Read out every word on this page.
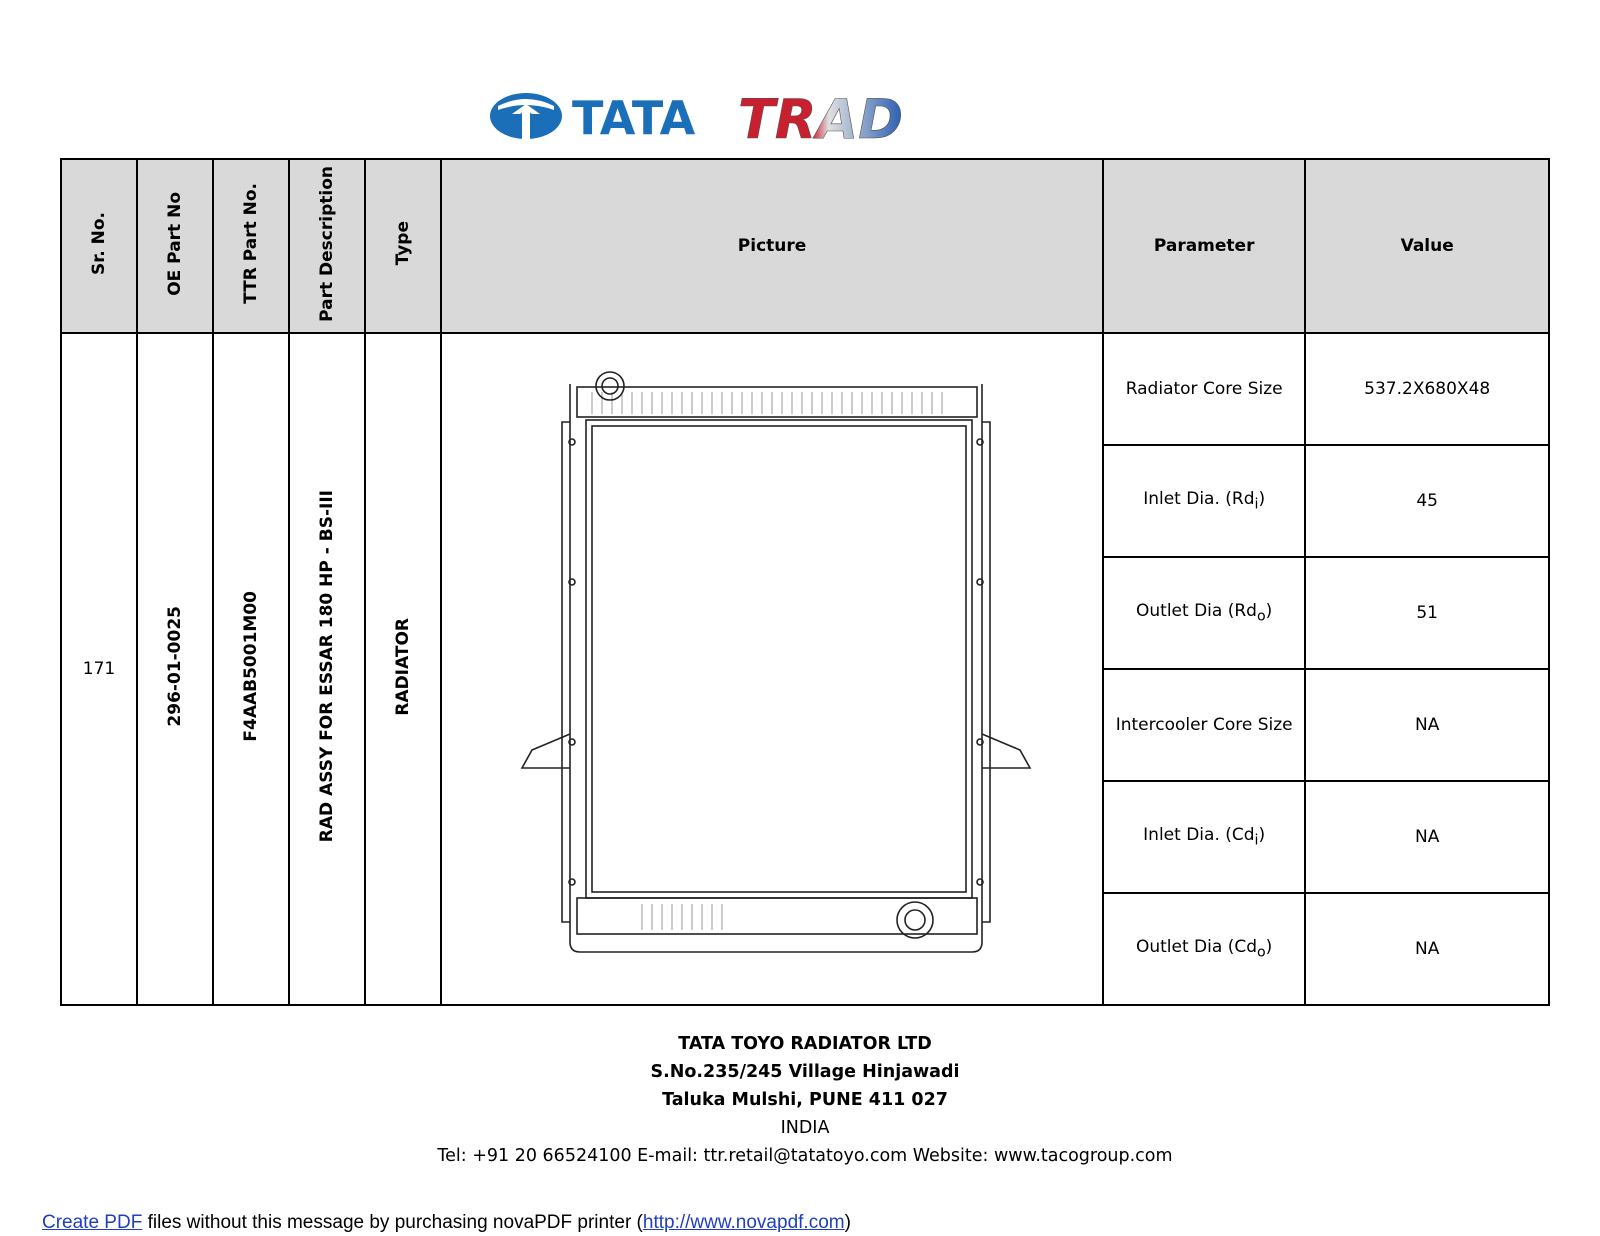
TATA TRAD
Sr. No.	OE Part No	TTR Part No.	Part Description	Type	Picture	Parameter	Value
171	296-01-0025	F4AAB5001M00	RAD ASSY FOR ESSAR 180 HP - BS-III	RADIATOR		Radiator Core Size	537.2X680X48
						Inlet Dia. $(Rd_i)$	45
						Outlet Dia $(Rd_o)$	51
						Intercooler Core Size	NA
						Inlet Dia. $(Cd_i)$	NA
						Outlet Dia $(Cd_o)$	NA
TATA TOYO RADIATOR LTD
S.No.235/245 Village Hinjawadi
Taluka Mulshi, PUNE 411 027
INDIA
Tel: +91 20 66524100 E-mail: ttr.retail@tatatoyo.com Website: www.tacogroup.com
Create PDF files without this message by purchasing novaPDF printer (http://www.novapdf.com)
